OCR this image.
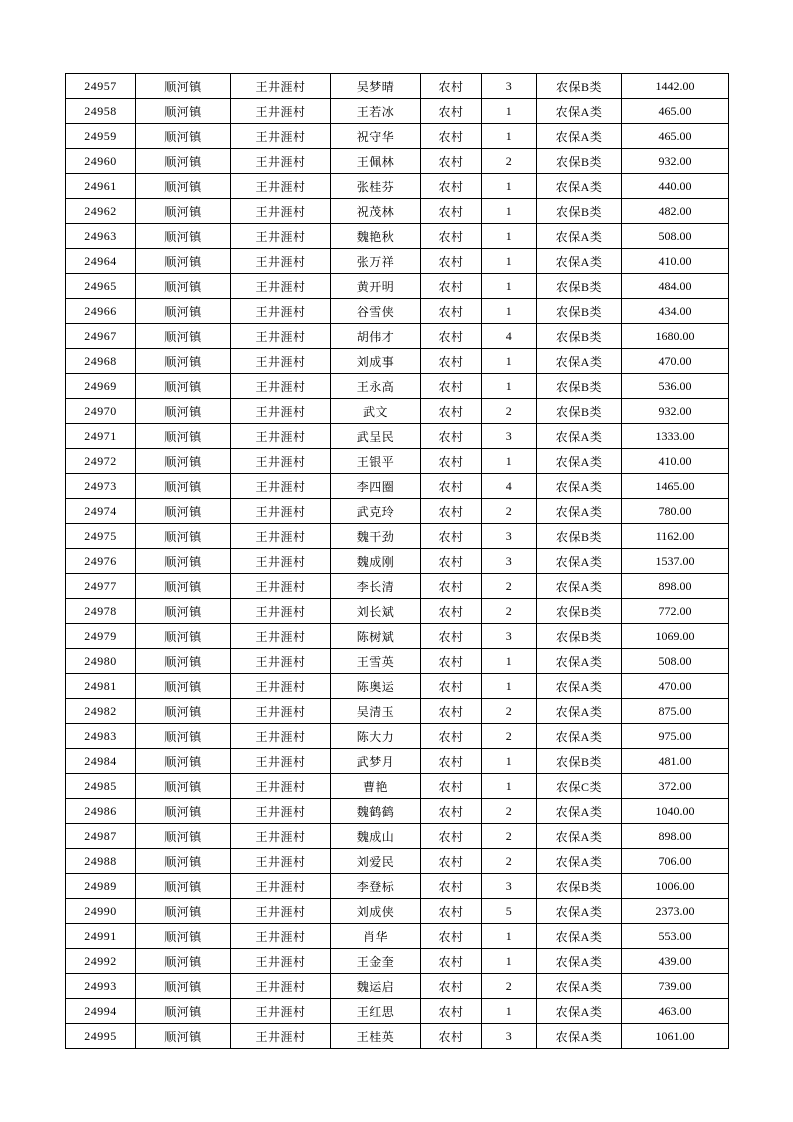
24957	顺河镇	王井涯村	吴梦晴	农村	3	农保B类	1442.00
24958	顺河镇	王井涯村	王若冰	农村	1	农保A类	465.00
24959	顺河镇	王井涯村	祝守华	农村	1	农保A类	465.00
24960	顺河镇	王井涯村	王佩林	农村	2	农保B类	932.00
24961	顺河镇	王井涯村	张桂芬	农村	1	农保A类	440.00
24962	顺河镇	王井涯村	祝茂林	农村	1	农保B类	482.00
24963	顺河镇	王井涯村	魏艳秋	农村	1	农保A类	508.00
24964	顺河镇	王井涯村	张万祥	农村	1	农保A类	410.00
24965	顺河镇	王井涯村	黄开明	农村	1	农保B类	484.00
24966	顺河镇	王井涯村	谷雪侠	农村	1	农保B类	434.00
24967	顺河镇	王井涯村	胡伟才	农村	4	农保B类	1680.00
24968	顺河镇	王井涯村	刘成事	农村	1	农保A类	470.00
24969	顺河镇	王井涯村	王永高	农村	1	农保B类	536.00
24970	顺河镇	王井涯村	武文	农村	2	农保B类	932.00
24971	顺河镇	王井涯村	武呈民	农村	3	农保A类	1333.00
24972	顺河镇	王井涯村	王银平	农村	1	农保A类	410.00
24973	顺河镇	王井涯村	李四圈	农村	4	农保A类	1465.00
24974	顺河镇	王井涯村	武克玲	农村	2	农保A类	780.00
24975	顺河镇	王井涯村	魏干劲	农村	3	农保B类	1162.00
24976	顺河镇	王井涯村	魏成刚	农村	3	农保A类	1537.00
24977	顺河镇	王井涯村	李长清	农村	2	农保A类	898.00
24978	顺河镇	王井涯村	刘长斌	农村	2	农保B类	772.00
24979	顺河镇	王井涯村	陈树斌	农村	3	农保B类	1069.00
24980	顺河镇	王井涯村	王雪英	农村	1	农保A类	508.00
24981	顺河镇	王井涯村	陈奥运	农村	1	农保A类	470.00
24982	顺河镇	王井涯村	吴清玉	农村	2	农保A类	875.00
24983	顺河镇	王井涯村	陈大力	农村	2	农保A类	975.00
24984	顺河镇	王井涯村	武梦月	农村	1	农保B类	481.00
24985	顺河镇	王井涯村	曹艳	农村	1	农保C类	372.00
24986	顺河镇	王井涯村	魏鹤鹤	农村	2	农保A类	1040.00
24987	顺河镇	王井涯村	魏成山	农村	2	农保A类	898.00
24988	顺河镇	王井涯村	刘爱民	农村	2	农保A类	706.00
24989	顺河镇	王井涯村	李登标	农村	3	农保B类	1006.00
24990	顺河镇	王井涯村	刘成侠	农村	5	农保A类	2373.00
24991	顺河镇	王井涯村	肖华	农村	1	农保A类	553.00
24992	顺河镇	王井涯村	王金奎	农村	1	农保A类	439.00
24993	顺河镇	王井涯村	魏运启	农村	2	农保A类	739.00
24994	顺河镇	王井涯村	王红思	农村	1	农保A类	463.00
24995	顺河镇	王井涯村	王桂英	农村	3	农保A类	1061.00
